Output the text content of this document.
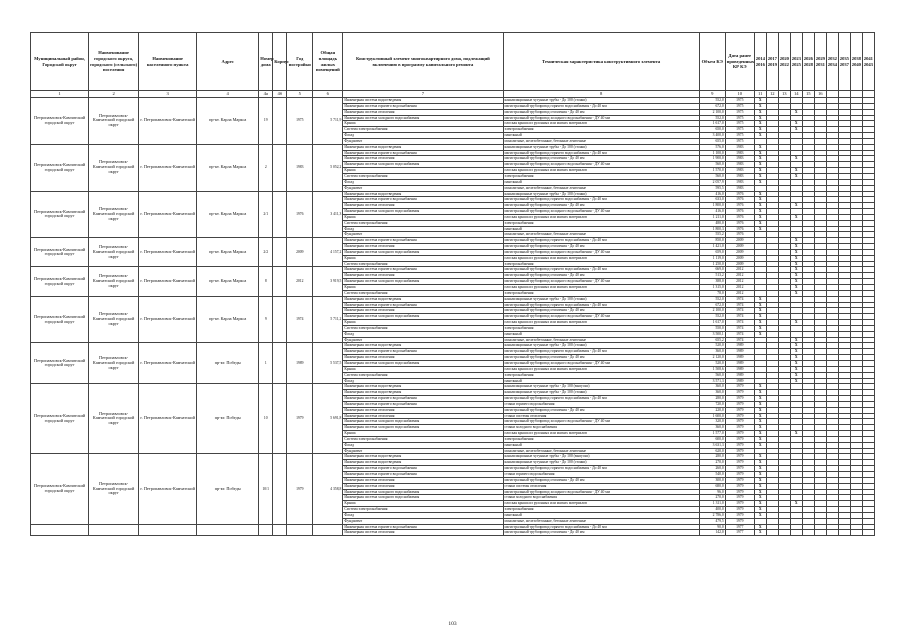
Муниципальный район, Городской округ	Наименование городского округа, городского (сельского) поселения	Наименование населенного пункта	Адрес	Номер дома	Корпус	Год постройки	Общая площадь жилых помещений	Конструктивный элемент многоквартирного дома, подлежащий включению в программу капитального ремонта	Техническая характеристика конструктивного элемента	Объем КЭ	Дата ранее проведенных КР КЭ	2014 2016	2017 2019	2020 2022	2023 2025	2026 2028	2029 2031	2032 2034	2035 2037	2038 2040	2041 2043
1	2	3	4	4а	4б	5	6	7	8	9	10	11	12	13	14	15	16				
Петропавловск-Камчатский городской округ	Петропавловск-Камчатский городской округ	г. Петропавловск-Камчатский	пр-кт. Карла Маркса	19		1975	5 711,9	Инженерная система водоотведения	канализационные чугунные трубы - До 100 (стояки)	552,0	1975	X									
								Инженерная система горячего водоснабжения	магистральный трубопровод горячего водоснабжения - До 40 мм	672,0	1975	X									
								Инженерная система отопления	магистральный трубопровод отопления - До 40 мм	2 100,0	1975	X			X						
								Инженерная система холодного водоснабжения	магистральный трубопровод холодного водоснабжения - ДУ 40 мм	552,0	1975	X									
								Крыша	плоская крыша из рулонных или мягких материалов	1 617,0	1975	X			X						
								Система электроснабжения	электроснабжения	650,0	1975	X			X						
								Фасад	панельный	3 400,0	1975	X									
								Фундамент	монолитные, железобетонные, бетонные ленточные	655,0	1975										
Петропавловск-Камчатский городской округ	Петропавловск-Камчатский городской округ	г. Петропавловск-Камчатский	пр-кт. Карла Маркса	2		1983	5 052,2	Инженерная система водоотведения	канализационные чугунные трубы - До 100 (стояки)	576,0	1983	X									
								Инженерная система горячего водоснабжения	магистральный трубопровод горячего водоснабжения - До 40 мм	1 100,0	1983	X									
								Инженерная система отопления	магистральный трубопровод отопления - До 40 мм	1 900,0	1983	X			X						
								Инженерная система холодного водоснабжения	магистральный трубопровод холодного водоснабжения - ДУ 40 мм	560,0	1983	X									
								Крыша	плоская крыша из рулонных или мягких материалов	1 570,0	1983	X			X						
								Система электроснабжения	электроснабжения	560,0	1983	X			X						
								Фасад	панельный	2 057,9	1983	X									
								Фундамент	монолитные, железобетонные, бетонные ленточные	595,5	1983										
Петропавловск-Камчатский городской округ	Петропавловск-Камчатский городской округ	г. Петропавловск-Камчатский	пр-кт. Карла Маркса	2/1		1976	3 411,3	Инженерная система водоотведения	канализационные чугунные трубы - До 100 (стояки)	416,0	1976	X									
								Инженерная система горячего водоснабжения	магистральный трубопровод горячего водоснабжения - До 40 мм	633,0	1976	X									
								Инженерная система отопления	магистральный трубопровод отопления - До 40 мм	1 800,0	1976	X			X						
								Инженерная система холодного водоснабжения	магистральный трубопровод холодного водоснабжения - ДУ 40 мм	416,0	1976	X									
								Крыша	плоская крыша из рулонных или мягких материалов	1 211,0	1976	X			X						
								Система электроснабжения	электроснабжения	480,0	1976	X									
								Фасад	панельный	1 800,3	1976	X									
								Фундамент	монолитные, железобетонные, бетонные ленточные	555,2	1976										
Петропавловск-Камчатский городской округ	Петропавловск-Камчатский городской округ	г. Петропавловск-Камчатский	пр-кт. Карла Маркса	2/2		2009	4 157,2	Инженерная система горячего водоснабжения	магистральный трубопровод горячего водоснабжения - До 40 мм	850,0	2009				X						
								Инженерная система отопления	магистральный трубопровод отопления - До 40 мм	1 421,0	2009				X						
								Инженерная система холодного водоснабжения	магистральный трубопровод холодного водоснабжения - ДУ 40 мм	659,0	2009				X						
								Крыша	плоская крыша из рулонных или мягких материалов	1 119,0	2009				X						
								Система электроснабжения	электроснабжения	1 250,0	2009				X						
Петропавловск-Камчатский городской округ	Петропавловск-Камчатский городской округ	г. Петропавловск-Камчатский	пр-кт. Карла Маркса	8		2012	3 919,5	Инженерная система горячего водоснабжения	магистральный трубопровод горячего водоснабжения - До 40 мм	669,0	2012				X						
								Инженерная система отопления	магистральный трубопровод отопления - До 40 мм	513,2	2012				X						
								Инженерная система холодного водоснабжения	магистральный трубопровод холодного водоснабжения - ДУ 40 мм	388,0	2012				X						
								Крыша	плоская крыша из рулонных или мягких материалов	1 315,0	2012				X						
								Система электроснабжения	электроснабжения	78,0	2012				X						
Петропавловск-Камчатский городской округ	Петропавловск-Камчатский городской округ	г. Петропавловск-Камчатский	пр-кт. Карла Маркса	9		1974	5 711,2	Инженерная система водоотведения	канализационные чугунные трубы - До 100 (стояки)	552,0	1974	X									
								Инженерная система горячего водоснабжения	магистральный трубопровод горячего водоснабжения - До 40 мм	672,0	1974	X									
								Инженерная система отопления	магистральный трубопровод отопления - До 40 мм	2 100,0	1974	X									
								Инженерная система холодного водоснабжения	магистральный трубопровод холодного водоснабжения - ДУ 40 мм	552,0	1974	X									
								Крыша	плоская крыша из рулонных или мягких материалов	1 617,0	1974	X			X						
								Система электроснабжения	электроснабжения	550,0	1974	X									
								Фасад	панельный	3 500,1	1974	X									
								Фундамент	монолитные, железобетонные, бетонные ленточные	655,2	1974				X						
Петропавловск-Камчатский городской округ	Петропавловск-Камчатский городской округ	г. Петропавловск-Камчатский	пр-кт. Победы	1		1989	5 537,5	Инженерная система водоотведения	канализационные чугунные трубы - До 100 (стояки)	520,0	1989				X						
								Инженерная система горячего водоснабжения	магистральный трубопровод горячего водоснабжения - До 40 мм	360,0	1989				X						
								Инженерная система отопления	магистральный трубопровод отопления - До 40 мм	2 120,0	1989				X						
								Инженерная система холодного водоснабжения	магистральный трубопровод холодного водоснабжения - ДУ 40 мм	520,0	1989				X						
								Крыша	плоская крыша из рулонных или мягких материалов	1 508,6	1989				X						
								Система электроснабжения	электроснабжения	560,0	1989				X						
								Фасад	панельный	3 571,3	1989				X						
Петропавловск-Камчатский городской округ	Петропавловск-Камчатский городской округ	г. Петропавловск-Камчатский	пр-кт. Победы	10		1979	5 691,8	Инженерная система водоотведения	канализационные чугунные трубы - До 100 (выпуски)	360,0	1979	X									
								Инженерная система водоотведения	канализационные чугунные трубы - До 100 (стояки)	360,0	1979	X									
								Инженерная система горячего водоснабжения	магистральный трубопровод горячего водоснабжения - До 40 мм	280,0	1979	X									
								Инженерная система горячего водоснабжения	стояки горячего водоснабжения	720,0	1979	X									
								Инженерная система отопления	магистральный трубопровод отопления - До 40 мм	220,0	1979	X									
								Инженерная система отопления	стояки системы отопления	1 600,0	1979	X									
								Инженерная система холодного водоснабжения	магистральный трубопровод холодного водоснабжения - ДУ 40 мм	320,0	1979	X									
								Инженерная система холодного водоснабжения	стояки холодного водоснабжения	360,0	1979	X									
								Крыша	плоская крыша из рулонных или мягких материалов	1 577,0	1979	X			X						
								Система электроснабжения	электроснабжения	600,0	1979	X									
								Фасад	панельный	3 631,3	1979	X									
								Фундамент	монолитные, железобетонные, бетонные ленточные	620,0	1979										
Петропавловск-Камчатский городской округ	Петропавловск-Камчатский городской округ	г. Петропавловск-Камчатский	пр-кт. Победы	10/1		1979	4 358,8	Инженерная система водоотведения	канализационные чугунные трубы - До 100 (выпуски)	280,0	1979	X									
								Инженерная система водоотведения	канализационные чугунные трубы - До 100 (стояки)	270,0	1979	X									
								Инженерная система горячего водоснабжения	магистральный трубопровод горячего водоснабжения - До 40 мм	260,0	1979	X									
								Инженерная система горячего водоснабжения	стояки горячего водоснабжения	540,0	1979	X									
								Инженерная система отопления	магистральный трубопровод отопления - До 40 мм	300,0	1979	X									
								Инженерная система отопления	стояки системы отопления	680,0	1979	X									
								Инженерная система холодного водоснабжения	магистральный трубопровод холодного водоснабжения - ДУ 40 мм	96,0	1979	X									
								Инженерная система холодного водоснабжения	стояки холодного водоснабжения	270,0	1979	X									
								Крыша	плоская крыша из рулонных или мягких материалов	1 311,0	1979	X			X						
								Система электроснабжения	электроснабжения	400,0	1979	X									
								Фасад	панельный	2 786,0	1979	X									
								Фундамент	монолитные, железобетонные, бетонные ленточные	479,5	1979										
								Инженерная система горячего водоснабжения	магистральный трубопровод горячего водоснабжения - До 40 мм	90,0	1977	X									
								Инженерная система отопления	магистральный трубопровод отопления - До 40 мм	142,0	1977	X									
103
